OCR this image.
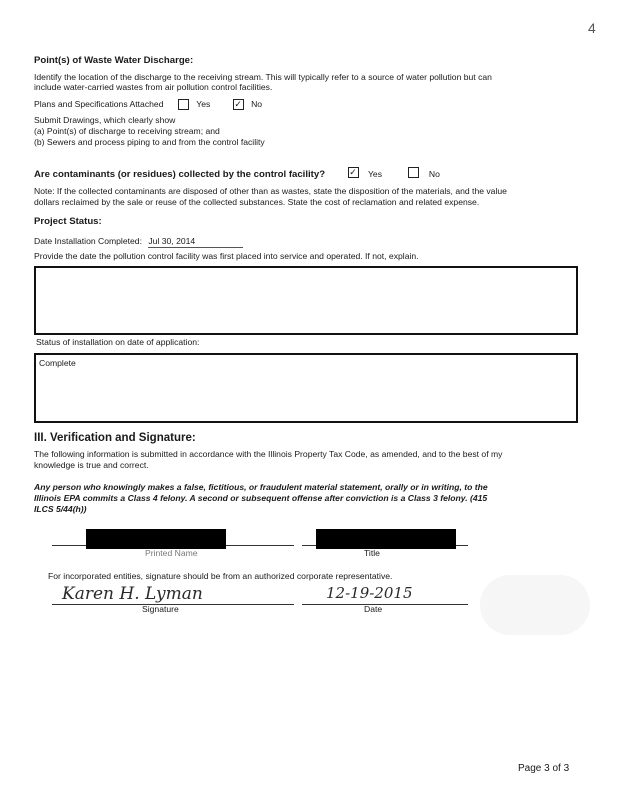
4
Point(s) of Waste Water Discharge:
Identify the location of the discharge to the receiving stream. This will typically refer to a source of water pollution but can
include water-carried wastes from air pollution control facilities.
Plans and Specifications Attached	Yes	✓ No
Submit Drawings, which clearly show
(a) Point(s) of discharge to receiving stream; and
(b) Sewers and process piping to and from the control facility
Are contaminants (or residues) collected by the control facility?	✓ Yes	No
Note: If the collected contaminants are disposed of other than as wastes, state the disposition of the materials, and the value
dollars reclaimed by the sale or reuse of the collected substances. State the cost of reclamation and related expense.
Project Status:
Date Installation Completed: Jul 30, 2014
Provide the date the pollution control facility was first placed into service and operated. If not, explain.
Status of installation on date of application:
Complete
III. Verification and Signature:
The following information is submitted in accordance with the Illinois Property Tax Code, as amended, and to the best of my
knowledge is true and correct.
Any person who knowingly makes a false, fictitious, or fraudulent material statement, orally or in writing, to the
Illinois EPA commits a Class 4 felony. A second or subsequent offense after conviction is a Class 3 felony. (415
ILCS 5/44(h))
Printed Name	Title
For incorporated entities, signature should be from an authorized corporate representative.
Karen H. Lyman
Signature
12-19-2015
Date
Page 3 of 3
